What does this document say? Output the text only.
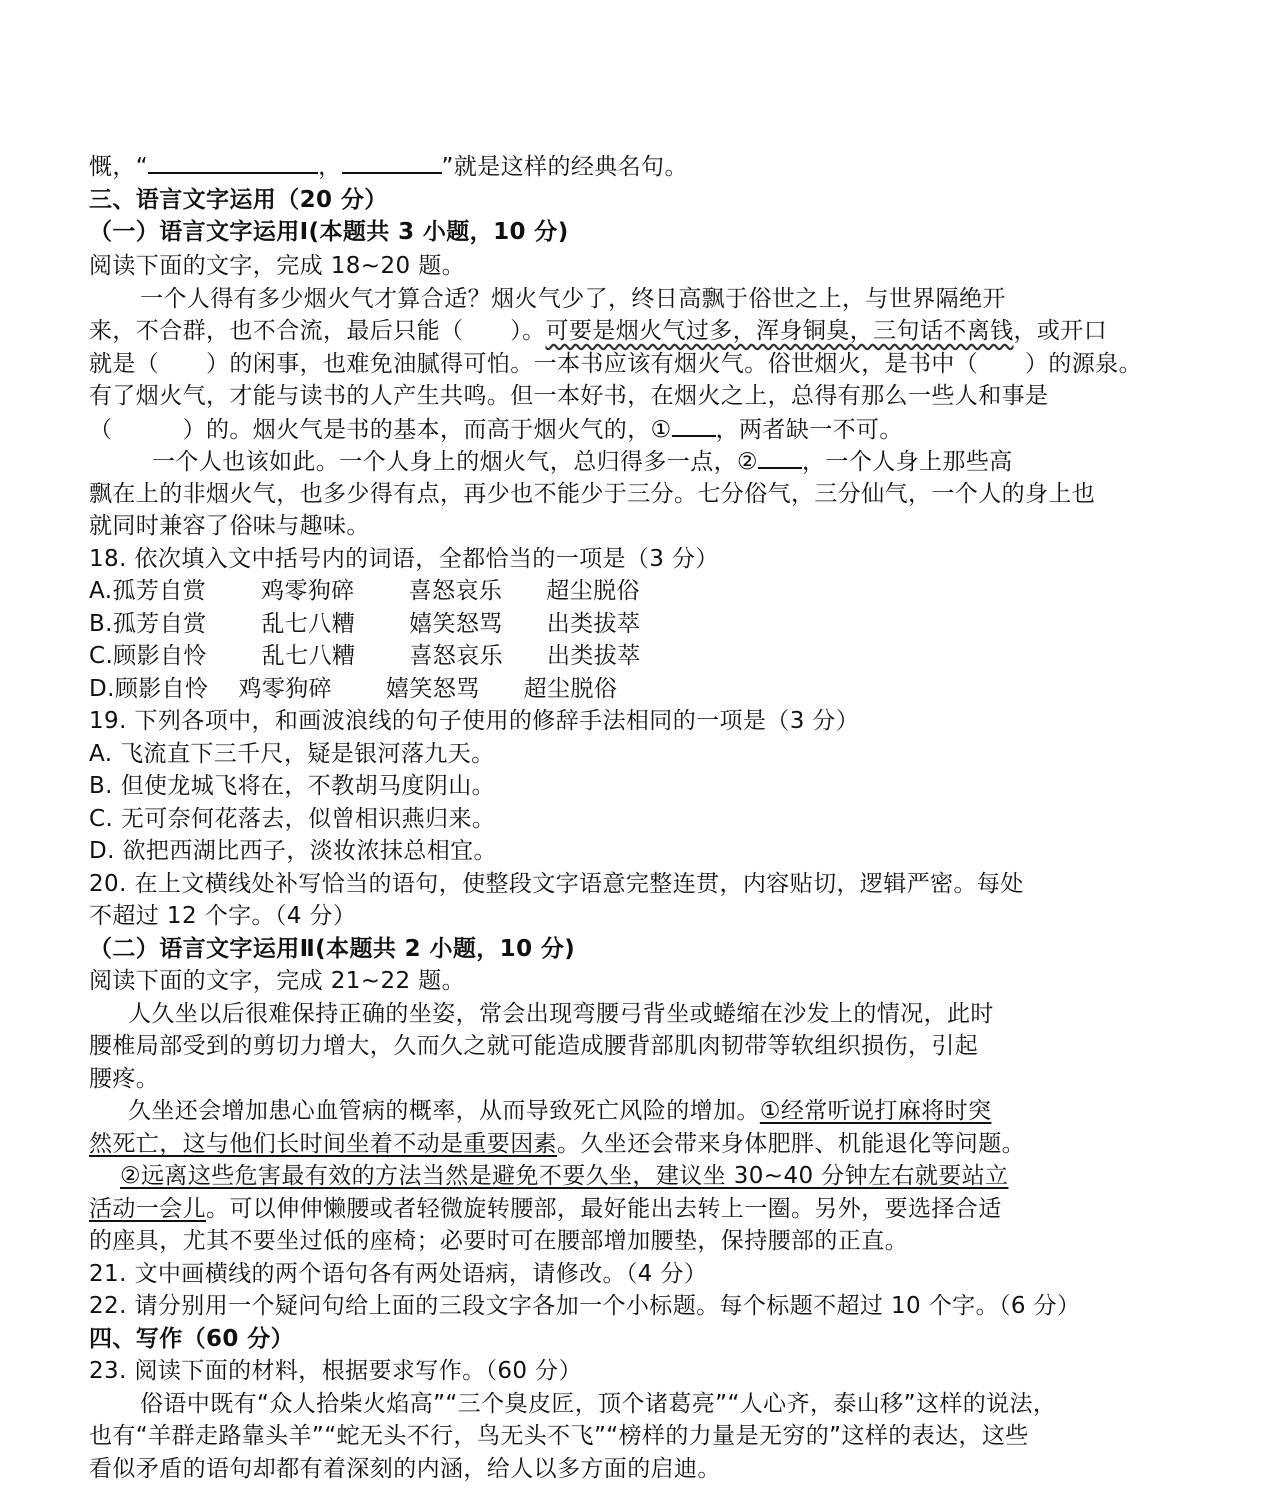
慨，“	，	”就是这样的经典名句。
三、语言文字运用（20 分）
（一）语言文字运用Ⅰ(本题共 3 小题，10 分)
阅读下面的文字，完成 18~20 题。
一个人得有多少烟火气才算合适？烟火气少了，终日高飘于俗世之上，与世界隔绝开
来，不合群，也不合流，最后只能（　　）。可要是烟火气过多，浑身铜臭，三句话不离钱，或开口
就是（　　）的闲事，也难免油腻得可怕。一本书应该有烟火气。俗世烟火，是书中（　　）的源泉。
有了烟火气，才能与读书的人产生共鸣。但一本好书，在烟火之上，总得有那么一些人和事是
（　　　）的。烟火气是书的基本，而高于烟火气的，① ，两者缺一不可。
一个人也该如此。一个人身上的烟火气，总归得多一点，② ，一个人身上那些高
飘在上的非烟火气，也多少得有点，再少也不能少于三分。七分俗气，三分仙气，一个人的身上也
就同时兼容了俗味与趣味。
18. 依次填入文中括号内的词语，全都恰当的一项是（3 分）
A.孤芳自赏 鸡零狗碎 喜怒哀乐 超尘脱俗
B.孤芳自赏 乱七八糟 嬉笑怒骂 出类拔萃
C.顾影自怜 乱七八糟 喜怒哀乐 出类拔萃
D.顾影自怜 鸡零狗碎 嬉笑怒骂 超尘脱俗
19. 下列各项中，和画波浪线的句子使用的修辞手法相同的一项是（3 分）
A. 飞流直下三千尺，疑是银河落九天。
B. 但使龙城飞将在，不教胡马度阴山。
C. 无可奈何花落去，似曾相识燕归来。
D. 欲把西湖比西子，淡妆浓抹总相宜。
20. 在上文横线处补写恰当的语句，使整段文字语意完整连贯，内容贴切，逻辑严密。每处
不超过 12 个字。（4 分）
（二）语言文字运用Ⅱ(本题共 2 小题，10 分)
阅读下面的文字，完成 21~22 题。
人久坐以后很难保持正确的坐姿，常会出现弯腰弓背坐或蜷缩在沙发上的情况，此时
腰椎局部受到的剪切力增大，久而久之就可能造成腰背部肌肉韧带等软组织损伤，引起
腰疼。
久坐还会增加患心血管病的概率，从而导致死亡风险的增加。①经常听说打麻将时突
然死亡，这与他们长时间坐着不动是重要因素。久坐还会带来身体肥胖、机能退化等问题。
②远离这些危害最有效的方法当然是避免不要久坐，建议坐 30~40 分钟左右就要站立
活动一会儿。可以伸伸懒腰或者轻微旋转腰部，最好能出去转上一圈。另外，要选择合适
的座具，尤其不要坐过低的座椅；必要时可在腰部增加腰垫，保持腰部的正直。
21. 文中画横线的两个语句各有两处语病，请修改。（4 分）
22. 请分别用一个疑问句给上面的三段文字各加一个小标题。每个标题不超过 10 个字。（6 分）
四、写作（60 分）
23. 阅读下面的材料，根据要求写作。（60 分）
俗语中既有“众人拾柴火焰高”“三个臭皮匠，顶个诸葛亮”“人心齐，泰山移”这样的说法，
也有“羊群走路靠头羊”“蛇无头不行，鸟无头不飞”“榜样的力量是无穷的”这样的表达，这些
看似矛盾的语句却都有着深刻的内涵，给人以多方面的启迪。
